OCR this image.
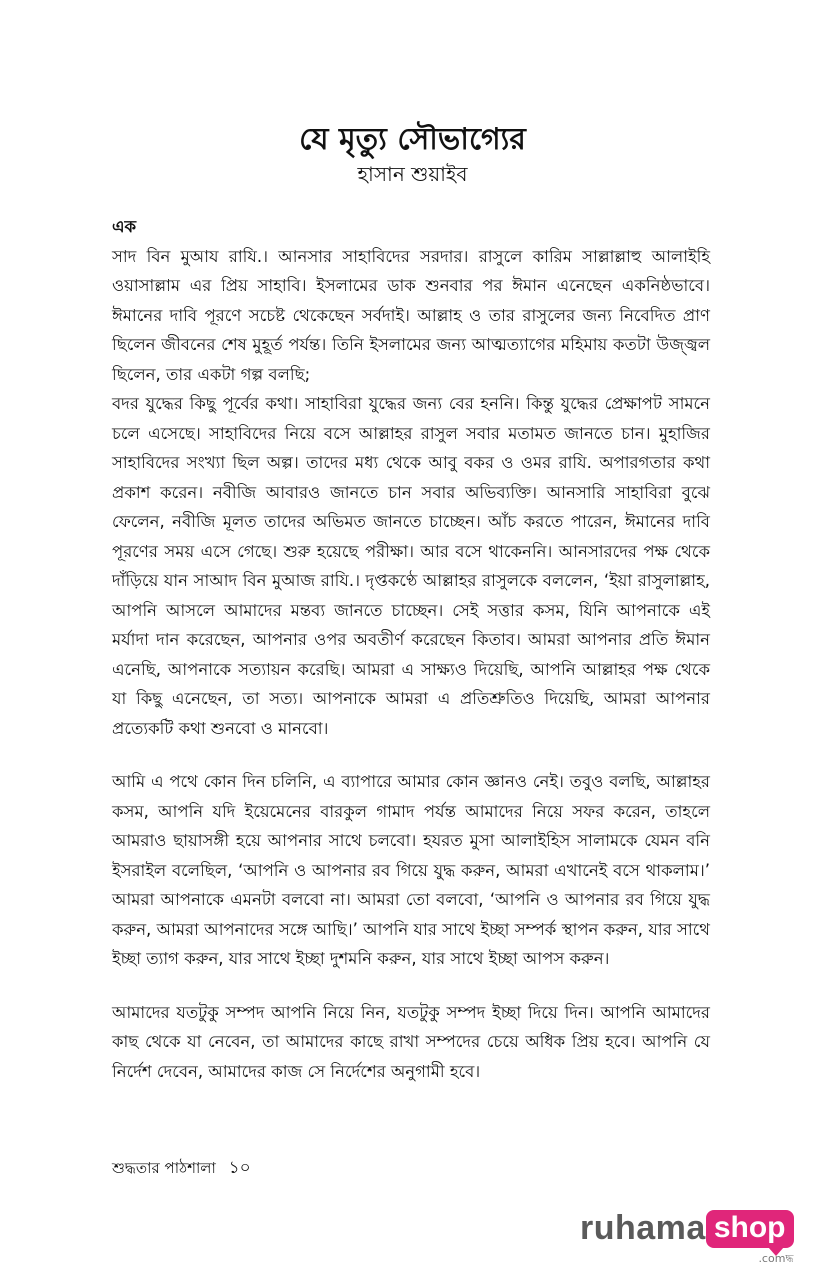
যে মৃত্যু সৌভাগ্যের
হাসান শুয়াইব

এক

সাদ বিন মুআয রাযি.। আনসার সাহাবিদের সরদার। রাসুলে কারিম সাল্লাল্লাহু আলাইহি ওয়াসাল্লাম এর প্রিয় সাহাবি। ইসলামের ডাক শুনবার পর ঈমান এনেছেন একনিষ্ঠভাবে। ঈমানের দাবি পূরণে সচেষ্ট থেকেছেন সর্বদাই। আল্লাহ ও তার রাসুলের জন্য নিবেদিত প্রাণ ছিলেন জীবনের শেষ মুহূর্ত পর্যন্ত। তিনি ইসলামের জন্য আত্মত্যাগের মহিমায় কতটা উজ্জ্বল ছিলেন, তার একটা গল্প বলছি;

বদর যুদ্ধের কিছু পূর্বের কথা। সাহাবিরা যুদ্ধের জন্য বের হননি। কিন্তু যুদ্ধের প্রেক্ষাপট সামনে চলে এসেছে। সাহাবিদের নিয়ে বসে আল্লাহর রাসুল সবার মতামত জানতে চান। মুহাজির সাহাবিদের সংখ্যা ছিল অল্প। তাদের মধ্য থেকে আবু বকর ও ওমর রাযি. অপারগতার কথা প্রকাশ করেন। নবীজি আবারও জানতে চান সবার অভিব্যক্তি। আনসারি সাহাবিরা বুঝে ফেলেন, নবীজি মূলত তাদের অভিমত জানতে চাচ্ছেন। আঁচ করতে পারেন, ঈমানের দাবি পূরণের সময় এসে গেছে। শুরু হয়েছে পরীক্ষা। আর বসে থাকেননি। আনসারদের পক্ষ থেকে দাঁড়িয়ে যান সাআদ বিন মুআজ রাযি.। দৃপ্তকণ্ঠে আল্লাহর রাসুলকে বললেন, ‘ইয়া রাসুলাল্লাহ, আপনি আসলে আমাদের মন্তব্য জানতে চাচ্ছেন। সেই সত্তার কসম, যিনি আপনাকে এই মর্যাদা দান করেছেন, আপনার ওপর অবতীর্ণ করেছেন কিতাব। আমরা আপনার প্রতি ঈমান এনেছি, আপনাকে সত্যায়ন করেছি। আমরা এ সাক্ষ্যও দিয়েছি, আপনি আল্লাহর পক্ষ থেকে যা কিছু এনেছেন, তা সত্য। আপনাকে আমরা এ প্রতিশ্রুতিও দিয়েছি, আমরা আপনার প্রত্যেকটি কথা শুনবো ও মানবো।

আমি এ পথে কোন দিন চলিনি, এ ব্যাপারে আমার কোন জ্ঞানও নেই। তবুও বলছি, আল্লাহর কসম, আপনি যদি ইয়েমেনের বারকুল গামাদ পর্যন্ত আমাদের নিয়ে সফর করেন, তাহলে আমরাও ছায়াসঙ্গী হয়ে আপনার সাথে চলবো। হযরত মুসা আলাইহিস সালামকে যেমন বনি ইসরাইল বলেছিল, ‘আপনি ও আপনার রব গিয়ে যুদ্ধ করুন, আমরা এখানেই বসে থাকলাম।’ আমরা আপনাকে এমনটা বলবো না। আমরা তো বলবো, ‘আপনি ও আপনার রব গিয়ে যুদ্ধ করুন, আমরা আপনাদের সঙ্গে আছি।’ আপনি যার সাথে ইচ্ছা সম্পর্ক স্থাপন করুন, যার সাথে ইচ্ছা ত্যাগ করুন, যার সাথে ইচ্ছা দুশমনি করুন, যার সাথে ইচ্ছা আপস করুন।

আমাদের যতটুকু সম্পদ আপনি নিয়ে নিন, যতটুকু সম্পদ ইচ্ছা দিয়ে দিন। আপনি আমাদের কাছ থেকে যা নেবেন, তা আমাদের কাছে রাখা সম্পদের চেয়ে অধিক প্রিয় হবে। আপনি যে নির্দেশ দেবেন, আমাদের কাজ সে নির্দেশের অনুগামী হবে।

শুদ্ধতার পাঠশালা ১০
ruhama shop
.comদ্ধ
